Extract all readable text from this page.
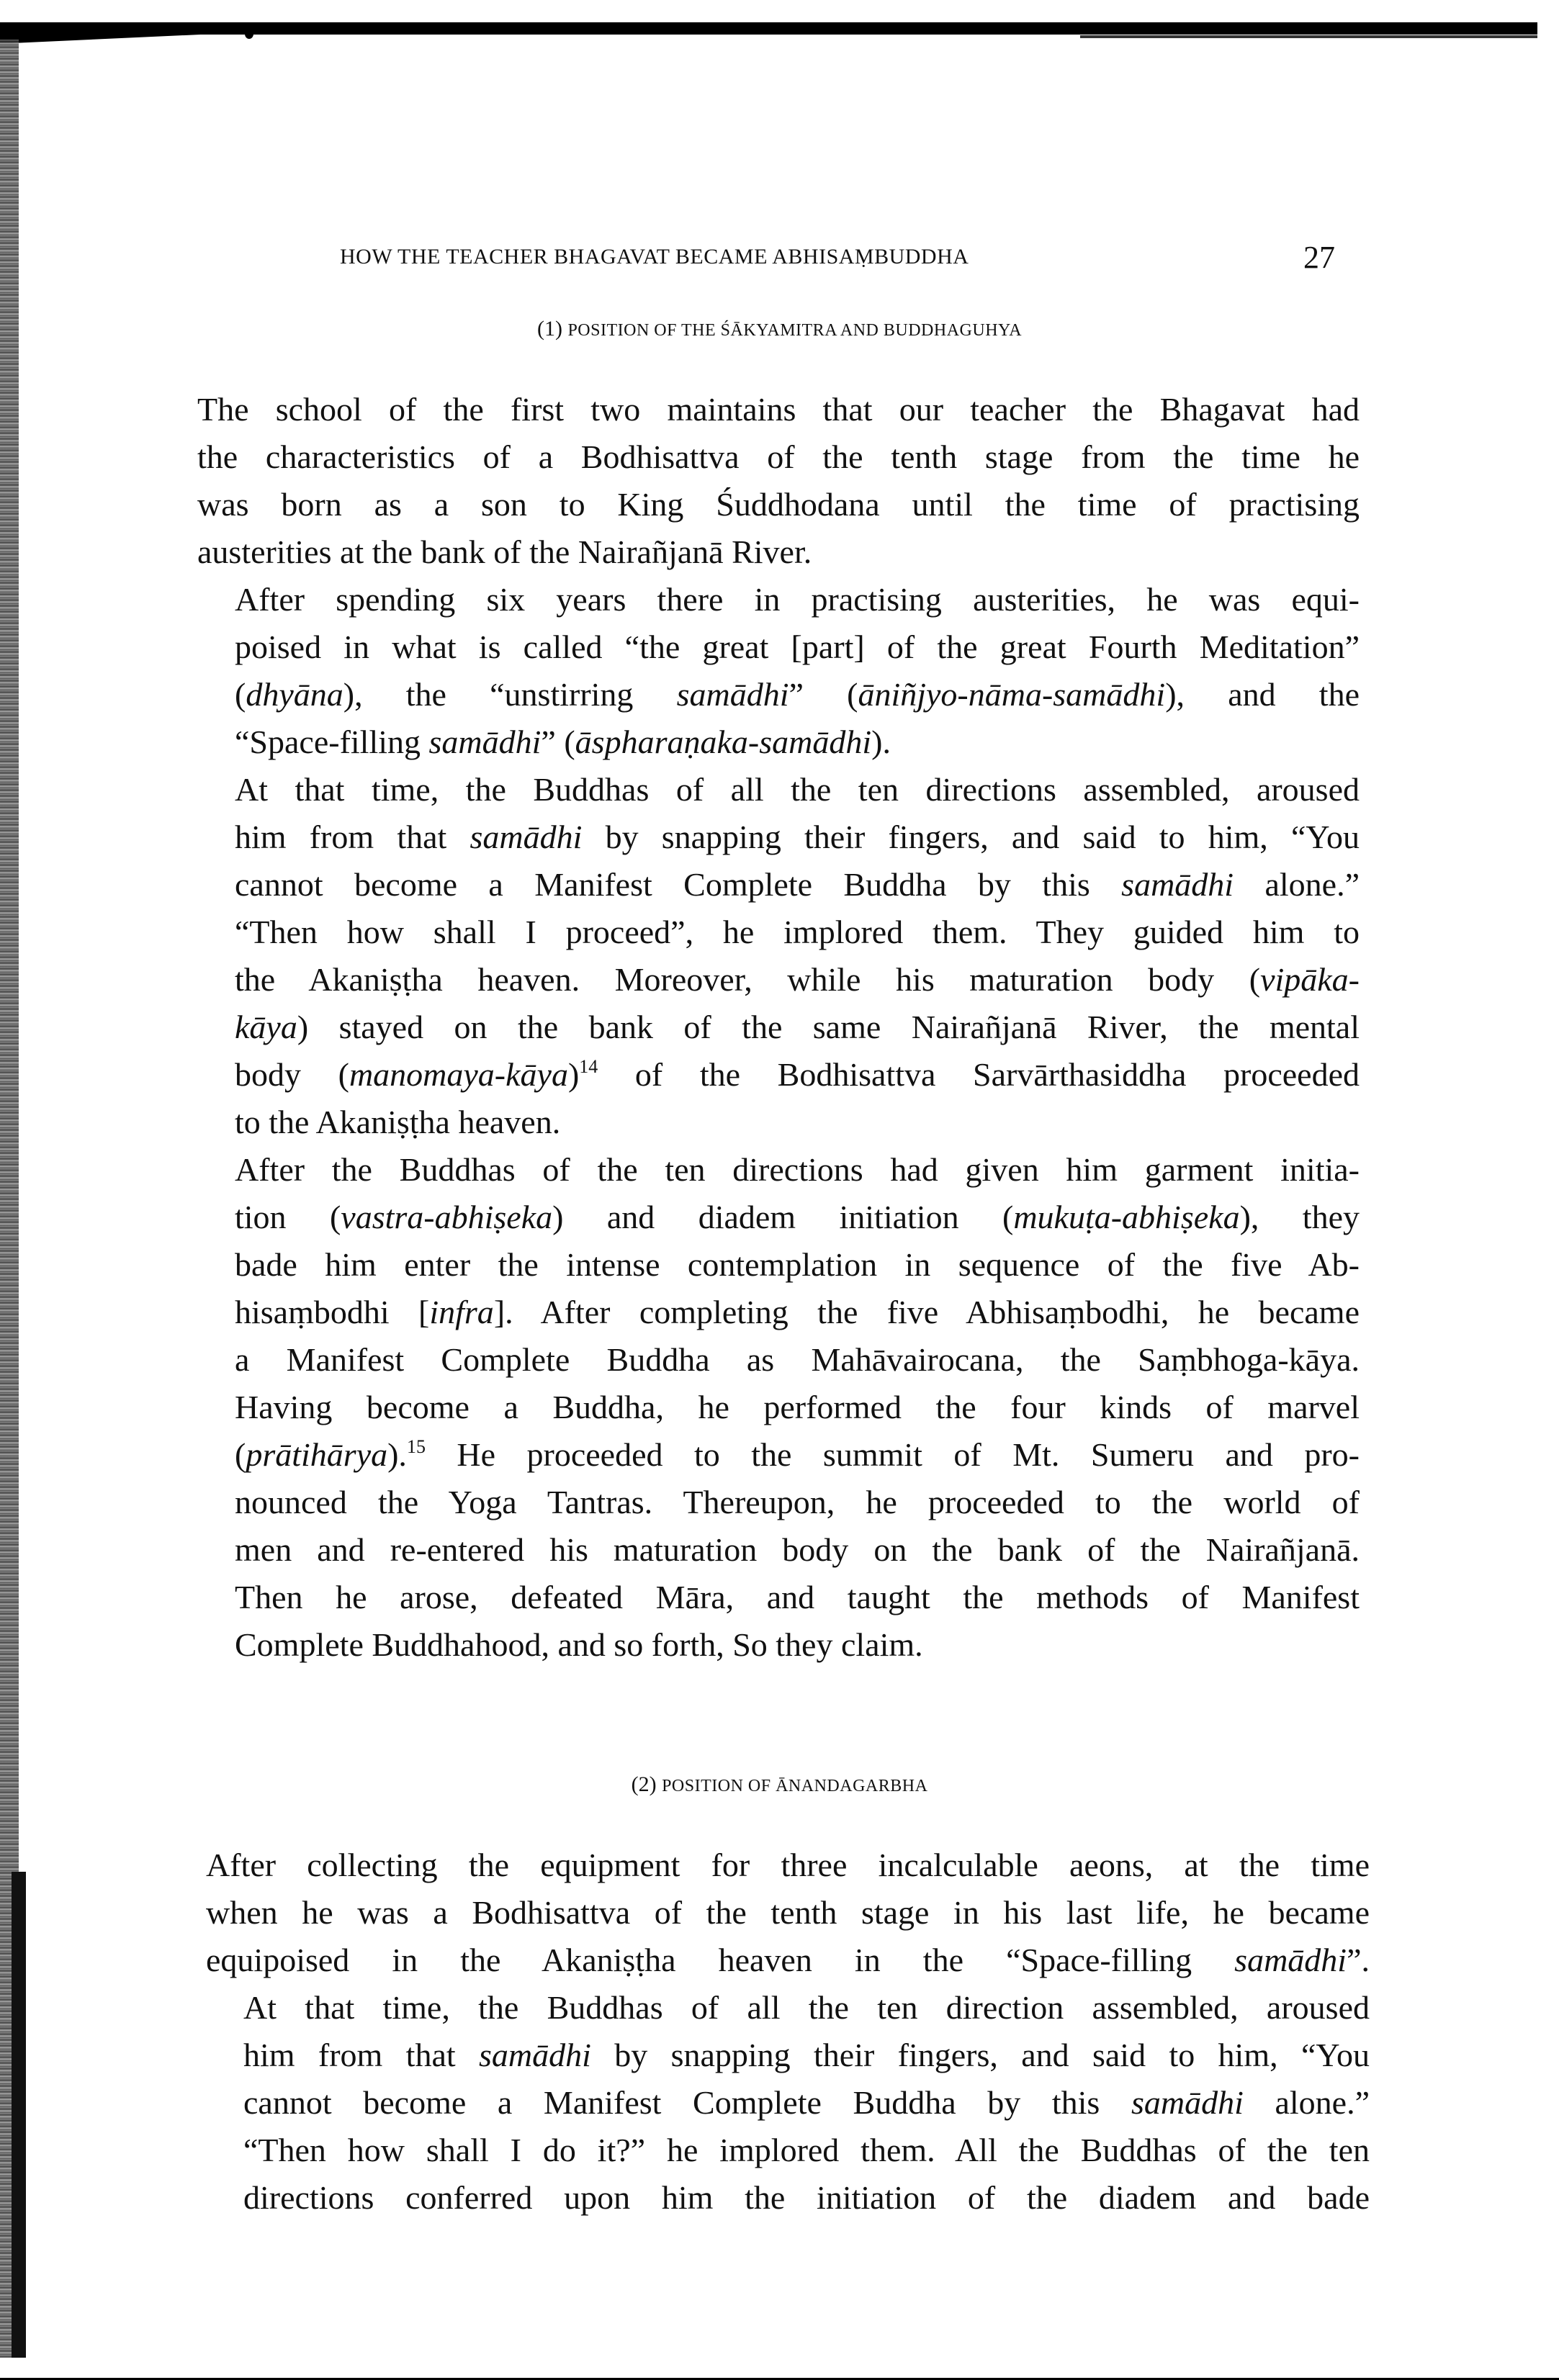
HOW THE TEACHER BHAGAVAT BECAME ABHISAṂBUDDHA	27
(1) POSITION OF THE ŚĀKYAMITRA AND BUDDHAGUHYA

The school of the first two maintains that our teacher the Bhagavat had
the characteristics of a Bodhisattva of the tenth stage from the time he
was born as a son to King Śuddhodana until the time of practising
austerities at the bank of the Nairañjanā River.

After spending six years there in practising austerities, he was equi-
poised in what is called “the great [part] of the great Fourth Meditation”
(dhyāna), the “unstirring samādhi” (āniñjyo-nāma-samādhi), and the
“Space-filling samādhi” (āspharaṇaka-samādhi).

At that time, the Buddhas of all the ten directions assembled, aroused
him from that samādhi by snapping their fingers, and said to him, “You
cannot become a Manifest Complete Buddha by this samādhi alone.”
“Then how shall I proceed”, he implored them. They guided him to
the Akaniṣṭha heaven. Moreover, while his maturation body (vipāka-
kāya) stayed on the bank of the same Nairañjanā River, the mental
body (manomaya-kāya)$^{14}$ of the Bodhisattva Sarvārthasiddha proceeded
to the Akaniṣṭha heaven.

After the Buddhas of the ten directions had given him garment initia-
tion (vastra-abhiṣeka) and diadem initiation (mukuṭa-abhiṣeka), they
bade him enter the intense contemplation in sequence of the five Ab-
hisaṃbodhi [infra]. After completing the five Abhisaṃbodhi, he became
a Manifest Complete Buddha as Mahāvairocana, the Saṃbhoga-kāya.

Having become a Buddha, he performed the four kinds of marvel
(prātihārya).$^{15}$ He proceeded to the summit of Mt. Sumeru and pro-
nounced the Yoga Tantras. Thereupon, he proceeded to the world of
men and re-entered his maturation body on the bank of the Nairañjanā.
Then he arose, defeated Māra, and taught the methods of Manifest
Complete Buddhahood, and so forth, So they claim.

(2) POSITION OF ĀNANDAGARBHA

After collecting the equipment for three incalculable aeons, at the time
when he was a Bodhisattva of the tenth stage in his last life, he became
equipoised in the Akaniṣṭha heaven in the “Space-filling samādhi”.

At that time, the Buddhas of all the ten direction assembled, aroused
him from that samādhi by snapping their fingers, and said to him, “You
cannot become a Manifest Complete Buddha by this samādhi alone.”
“Then how shall I do it?” he implored them. All the Buddhas of the ten
directions conferred upon him the initiation of the diadem and bade
